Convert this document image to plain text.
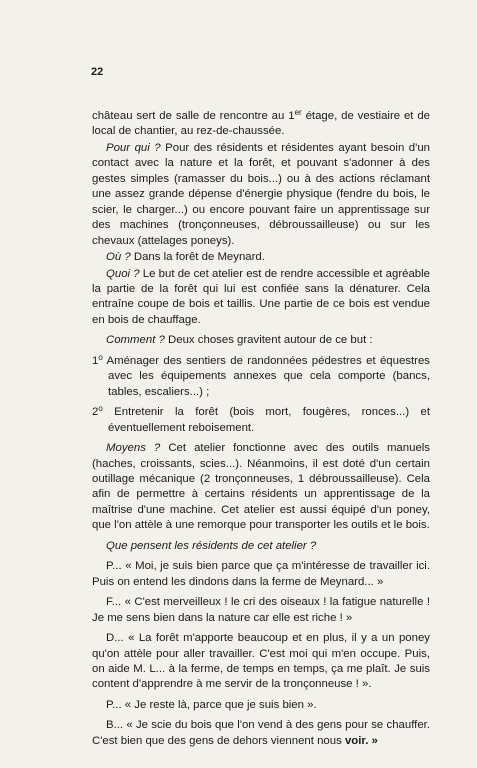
22

château sert de salle de rencontre au 1er étage, de vestiaire et de local de chantier, au rez-de-chaussée.

Pour qui ? Pour des résidents et résidentes ayant besoin d'un contact avec la nature et la forêt, et pouvant s'adonner à des gestes simples (ramasser du bois...) ou à des actions réclamant une assez grande dépense d'énergie physique (fendre du bois, le scier, le charger...) ou encore pouvant faire un apprentissage sur des machines (tronçonneuses, débroussailleuse) ou sur les chevaux (attelages poneys).

Où ? Dans la forêt de Meynard.

Quoi ? Le but de cet atelier est de rendre accessible et agréable la partie de la forêt qui lui est confiée sans la dénaturer. Cela entraîne coupe de bois et taillis. Une partie de ce bois est vendue en bois de chauffage.

Comment ? Deux choses gravitent autour de ce but :

1$^o$ Aménager des sentiers de randonnées pédestres et équestres avec les équipements annexes que cela comporte (bancs, tables, escaliers...) ;

2$^o$ Entretenir la forêt (bois mort, fougères, ronces...) et éventuellement reboisement.

Moyens ? Cet atelier fonctionne avec des outils manuels (haches, croissants, scies...). Néanmoins, il est doté d'un certain outillage mécanique (2 tronçonneuses, 1 débroussailleuse). Cela afin de permettre à certains résidents un apprentissage de la maîtrise d'une machine. Cet atelier est aussi équipé d'un poney, que l'on attèle à une remorque pour transporter les outils et le bois.

Que pensent les résidents de cet atelier ?

P... « Moi, je suis bien parce que ça m'intéresse de travailler ici. Puis on entend les dindons dans la ferme de Meynard... »

F... « C'est merveilleux ! le cri des oiseaux ! la fatigue naturelle ! Je me sens bien dans la nature car elle est riche ! »

D... « La forêt m'apporte beaucoup et en plus, il y a un poney qu'on attèle pour aller travailler. C'est moi qui m'en occupe. Puis, on aide M. L... à la ferme, de temps en temps, ça me plaît. Je suis content d'apprendre à me servir de la tronçonneuse ! ».

P... « Je reste là, parce que je suis bien ».

B... « Je scie du bois que l'on vend à des gens pour se chauffer. C'est bien que des gens de dehors viennent nous voir. »
